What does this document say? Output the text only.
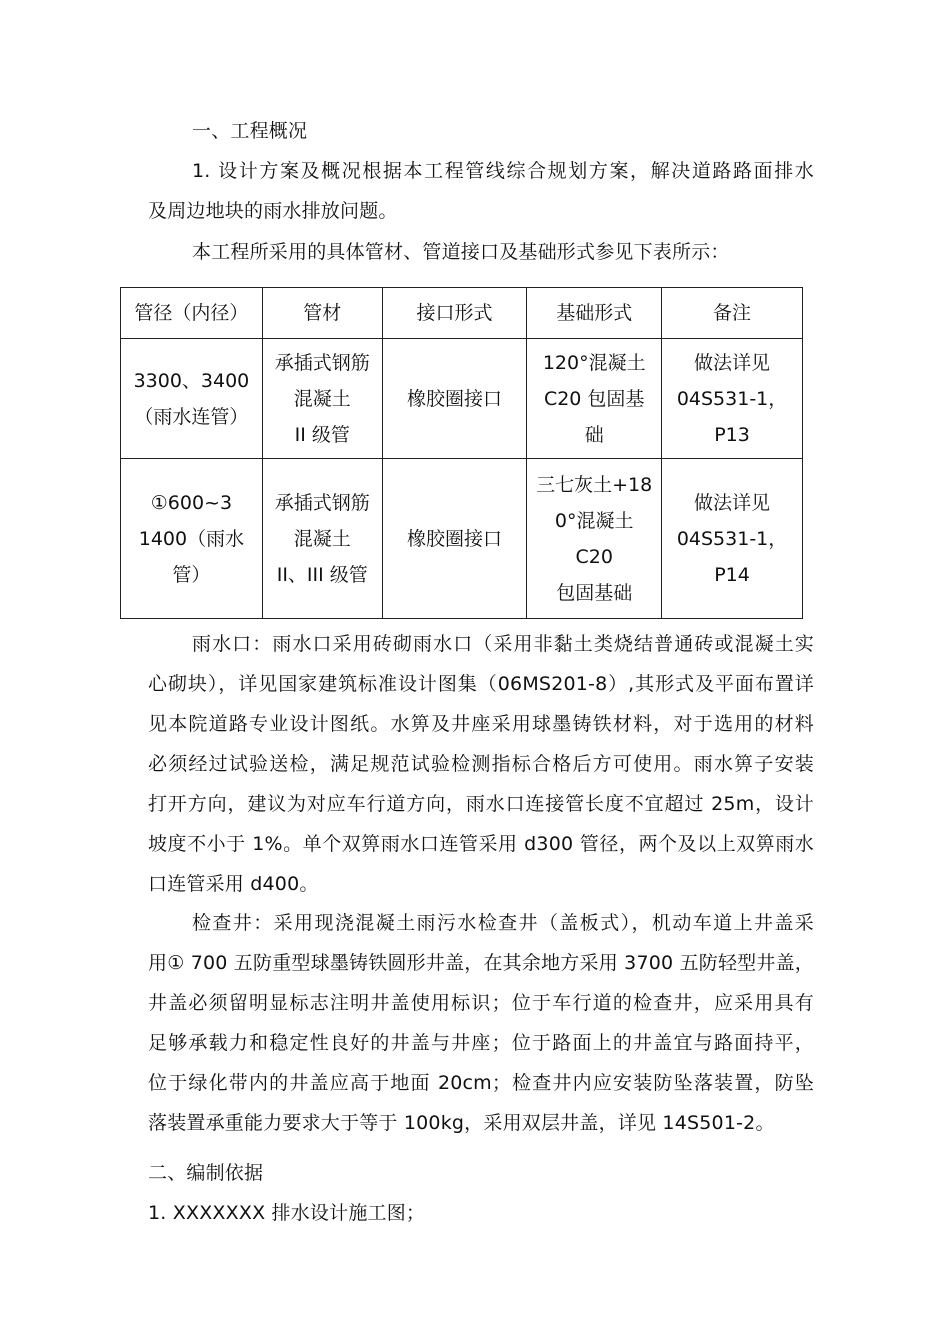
一、工程概况
1. 设计方案及概况根据本工程管线综合规划方案，解决道路路面排水
及周边地块的雨水排放问题。
本工程所采用的具体管材、管道接口及基础形式参见下表所示：
管径（内径）	管材	接口形式	基础形式	备注

3300、3400
（雨水连管）	承插式钢筋
混凝土
II 级管	橡胶圈接口	120°混凝土
C20 包固基础	做法详见
04S531-1，
P13

①600~3
1400（雨水
管）	承插式钢筋
混凝土
II、III 级管	橡胶圈接口	三七灰土+18
0°混凝土 C20
包固基础	做法详见
04S531-1，
P14
雨水口：雨水口采用砖砌雨水口（采用非黏土类烧结普通砖或混凝土实
心砌块），详见国家建筑标准设计图集（06MS201-8）,其形式及平面布置详
见本院道路专业设计图纸。水箅及井座采用球墨铸铁材料，对于选用的材料
必须经过试验送检，满足规范试验检测指标合格后方可使用。雨水箅子安装
打开方向，建议为对应车行道方向，雨水口连接管长度不宜超过 25m，设计
坡度不小于 1%。单个双箅雨水口连管采用 d300 管径，两个及以上双箅雨水
口连管采用 d400。
检查井：采用现浇混凝土雨污水检查井（盖板式），机动车道上井盖采
用① 700 五防重型球墨铸铁圆形井盖，在其余地方采用 3700 五防轻型井盖，
井盖必须留明显标志注明井盖使用标识；位于车行道的检查井，应采用具有
足够承载力和稳定性良好的井盖与井座；位于路面上的井盖宜与路面持平，
位于绿化带内的井盖应高于地面 20cm；检查井内应安装防坠落装置，防坠
落装置承重能力要求大于等于 100kg，采用双层井盖，详见 14S501-2。
二、编制依据
1. XXXXXXX 排水设计施工图；
